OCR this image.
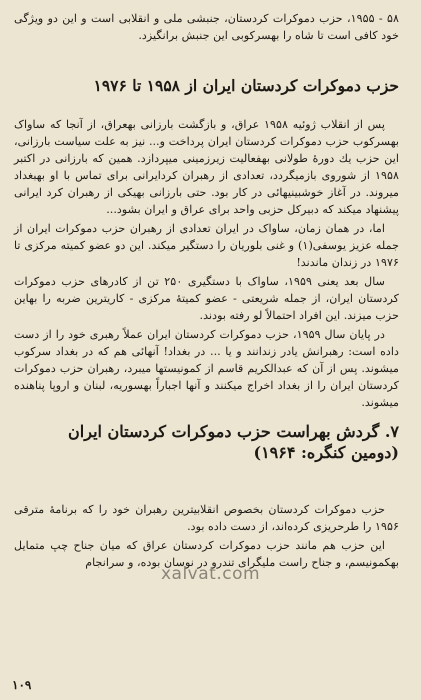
۵۸ - ۱۹۵۵، حزب دموکرات کردستان، جنبشی ملی و انقلابی است و این دو ویژگی خود کافی است تا شاه را بهسرکوبی این جنبش برانگیزد.

حزب دموکرات کردستان ایران از ۱۹۵۸ تا ۱۹۷۶

پس از انقلاب ژوئیه ۱۹۵۸ عراق، و بازگشت بارزانی بهعراق، از آنجا که ساواک بهسرکوب حزب دموکرات کردستان ایران پرداخت و... نیز به علت سیاست بارزانی، این حزب یك دورهٔ طولانی بهفعالیت زیرزمینی میپردازد. همین که بارزانی در اکتبر ۱۹۵۸ از شوروی بازمیگردد، تعدادی از رهبران کردایرانی برای تماس با او بهبغداد میروند. در آغاز خوشبینیهائی در کار بود. حتی بارزانی بهیکی از رهبران کرد ایرانی پیشنهاد میکند که دبیرکل حزبی واحد برای عراق و ایران بشود...

اما، در همان زمان، ساواک در ایران تعدادی از رهبران حزب دموکرات ایران از جمله عزیز یوسفی(۱) و غنی بلوریان را دستگیر میکند. این دو عضو کمیته مرکزی تا ۱۹۷۶ در زندان ماندند!

سال بعد یعنی ۱۹۵۹، ساواک با دستگیری ۲۵۰ تن از کادرهای حزب دموکرات کردستان ایران، از جمله شریعتی - عضو کمیتهٔ مرکزی - کاریترین ضربه را بهاین حزب میزند. این افراد احتمالاً لو رفته بودند.

در پایان سال ۱۹۵۹، حزب دموکرات کردستان ایران عملاً رهبری خود را از دست داده است: رهبرانش یادر زندانند و یا ... در بغداد! آنهائی هم که در بغداد سرکوب میشوند. پس از آن که عبدالکریم قاسم از کمونیستها میبرد، رهبران حزب دموکرات کردستان ایران را از بغداد اخراج میکنند و آنها اجباراً بهسوریه، لبنان و اروپا پناهنده میشوند.

۷. گردش بهراست حزب دموکرات کردستان ایران
(دومین کنگره: ۱۹۶۴)

حزب دموکرات کردستان بخصوص انقلابیترین رهبران خود را که برنامهٔ مترقی ۱۹۵۶ را طرحریزی کرده‌اند، از دست داده بود.

این حزب هم مانند حزب دموکرات کردستان عراق که میان جناح چپ متمایل بهکمونیسم، و جناح راست ملیگرای تندرو در نوسان بوده، و سرانجام

xalvat.com
۱۰۹
